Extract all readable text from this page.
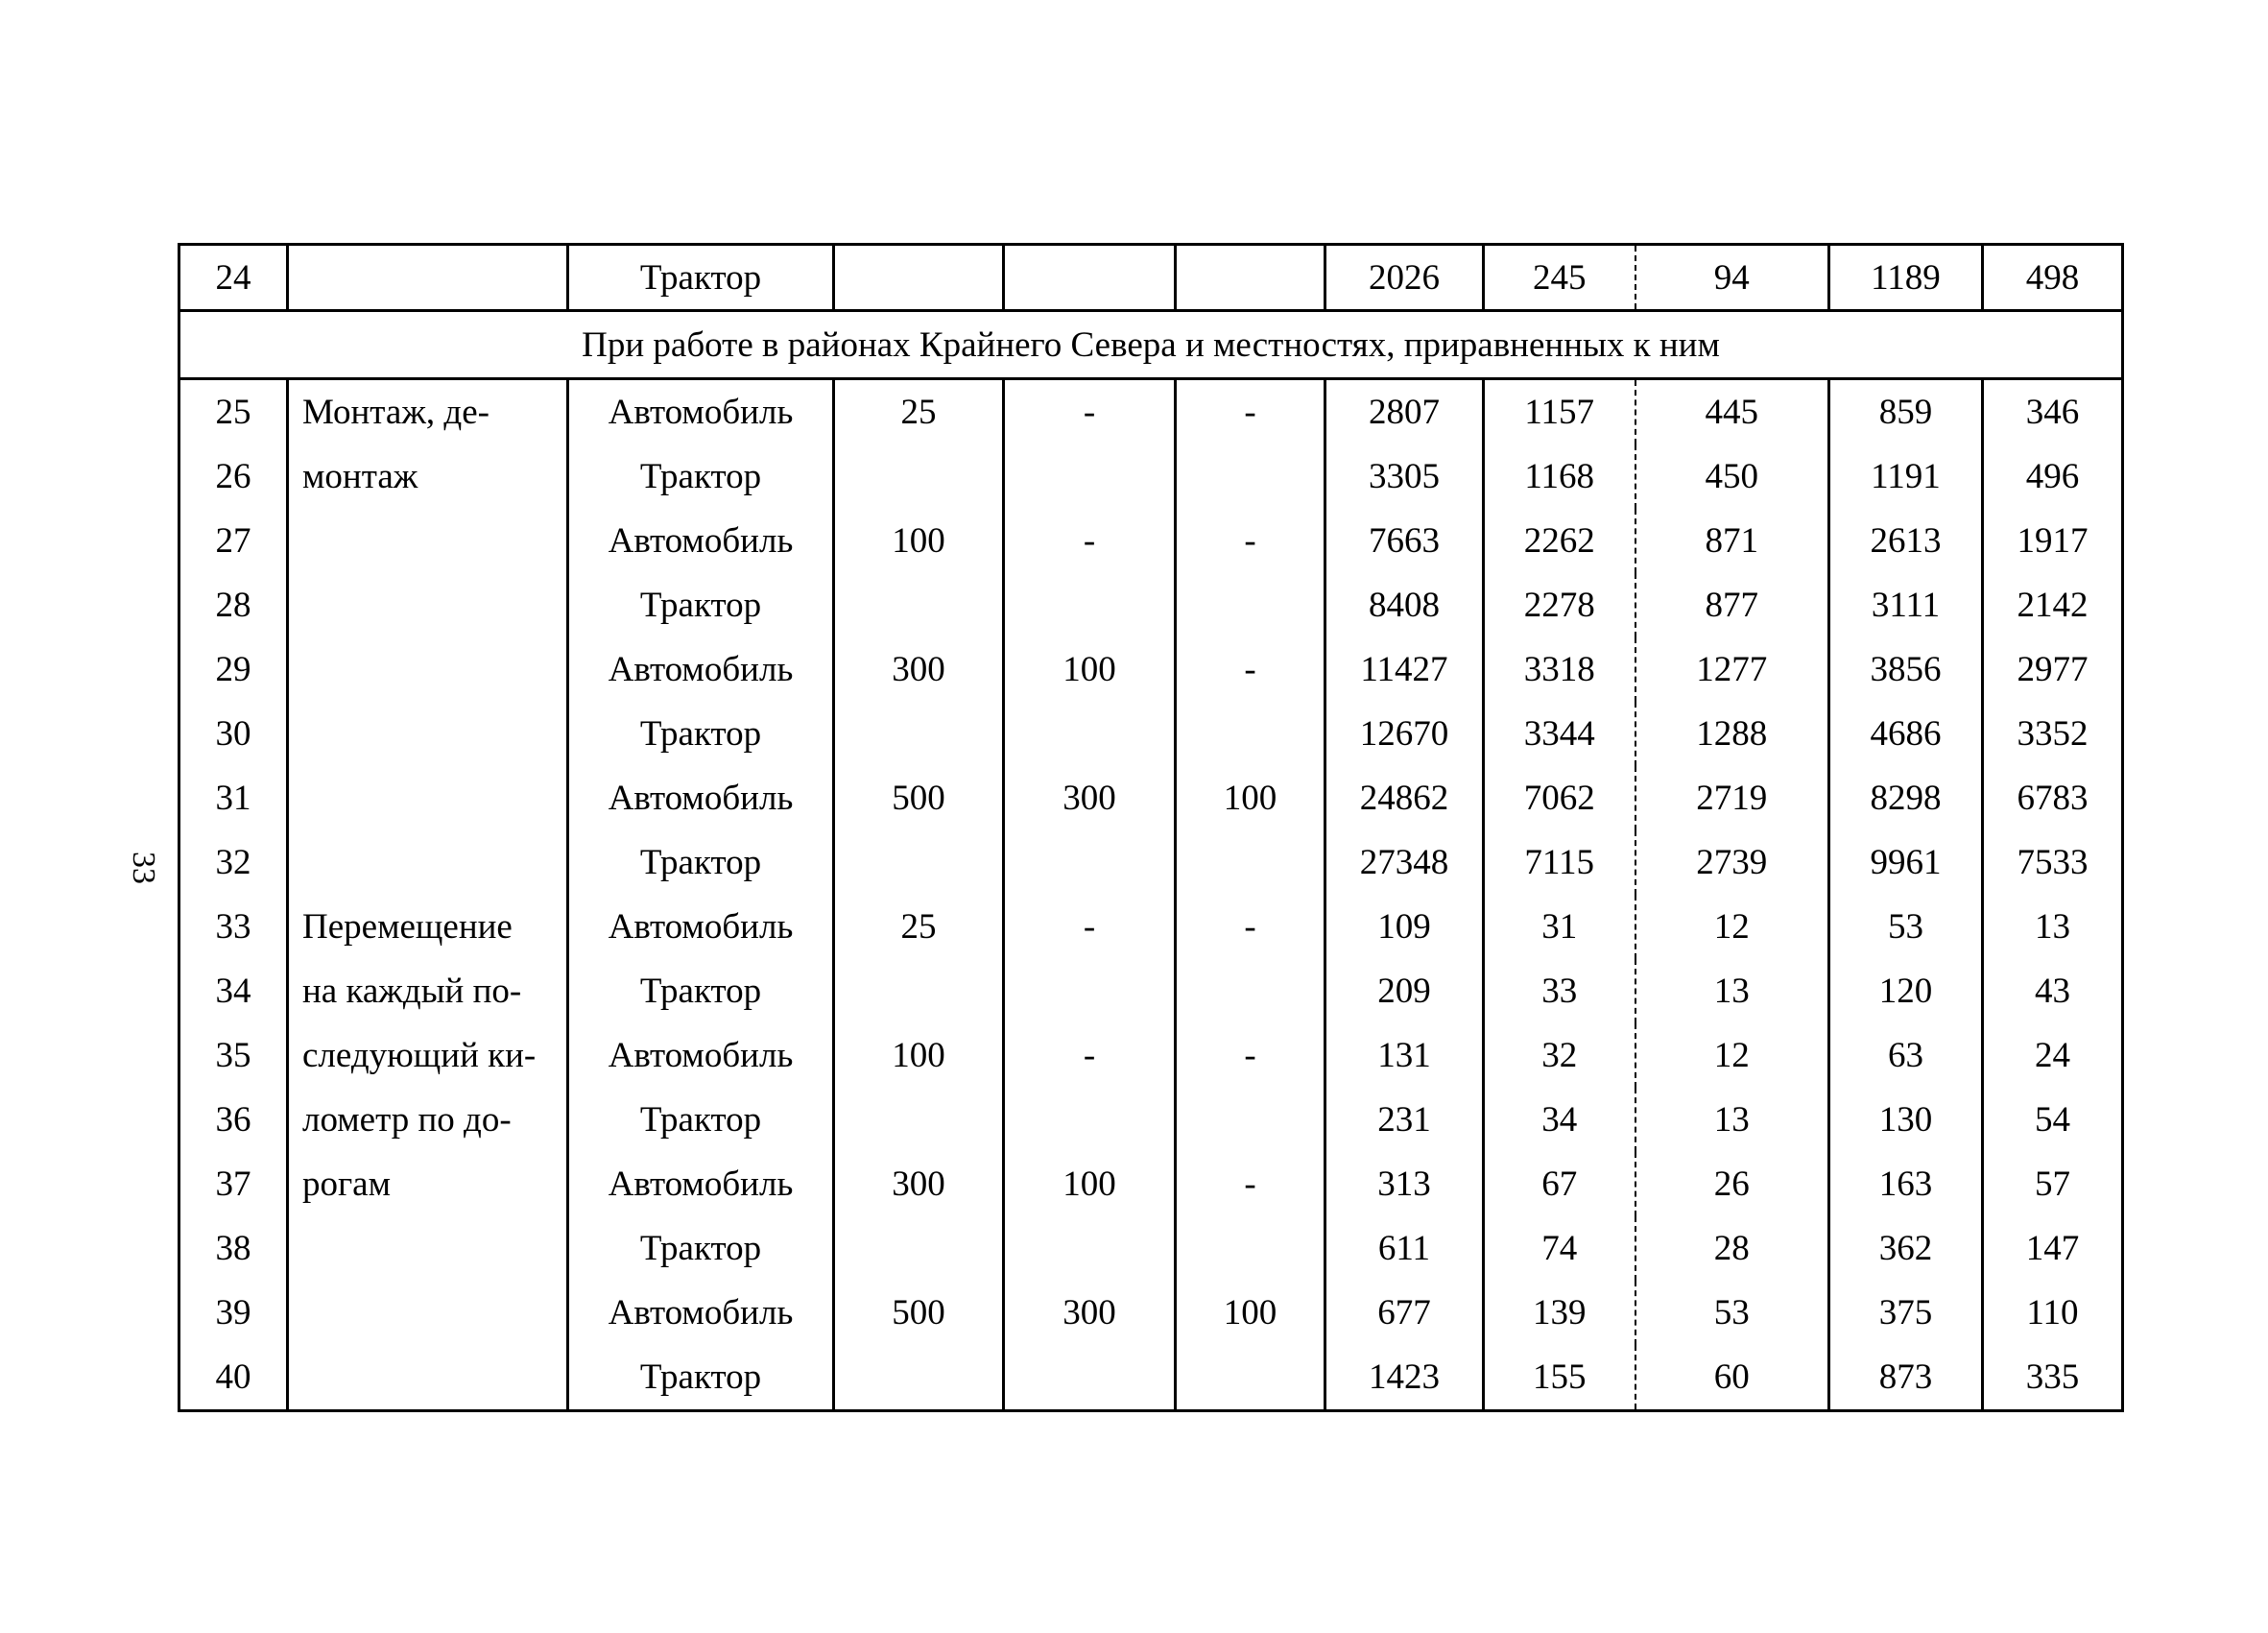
33
24		Трактор				2026	245	94	1189	498
При работе в районах Крайнего Севера и местностях, приравненных к ним										
25	Монтаж, де-	Автомобиль	25	-	-	2807	1157	445	859	346
26	монтаж	Трактор				3305	1168	450	1191	496
27		Автомобиль	100	-	-	7663	2262	871	2613	1917
28		Трактор				8408	2278	877	3111	2142
29		Автомобиль	300	100	-	11427	3318	1277	3856	2977
30		Трактор				12670	3344	1288	4686	3352
31		Автомобиль	500	300	100	24862	7062	2719	8298	6783
32		Трактор				27348	7115	2739	9961	7533
33	Перемещение	Автомобиль	25	-	-	109	31	12	53	13
34	на каждый по-	Трактор				209	33	13	120	43
35	следующий ки-	Автомобиль	100	-	-	131	32	12	63	24
36	лометр по до-	Трактор				231	34	13	130	54
37	рогам	Автомобиль	300	100	-	313	67	26	163	57
38		Трактор				611	74	28	362	147
39		Автомобиль	500	300	100	677	139	53	375	110
40		Трактор				1423	155	60	873	335
